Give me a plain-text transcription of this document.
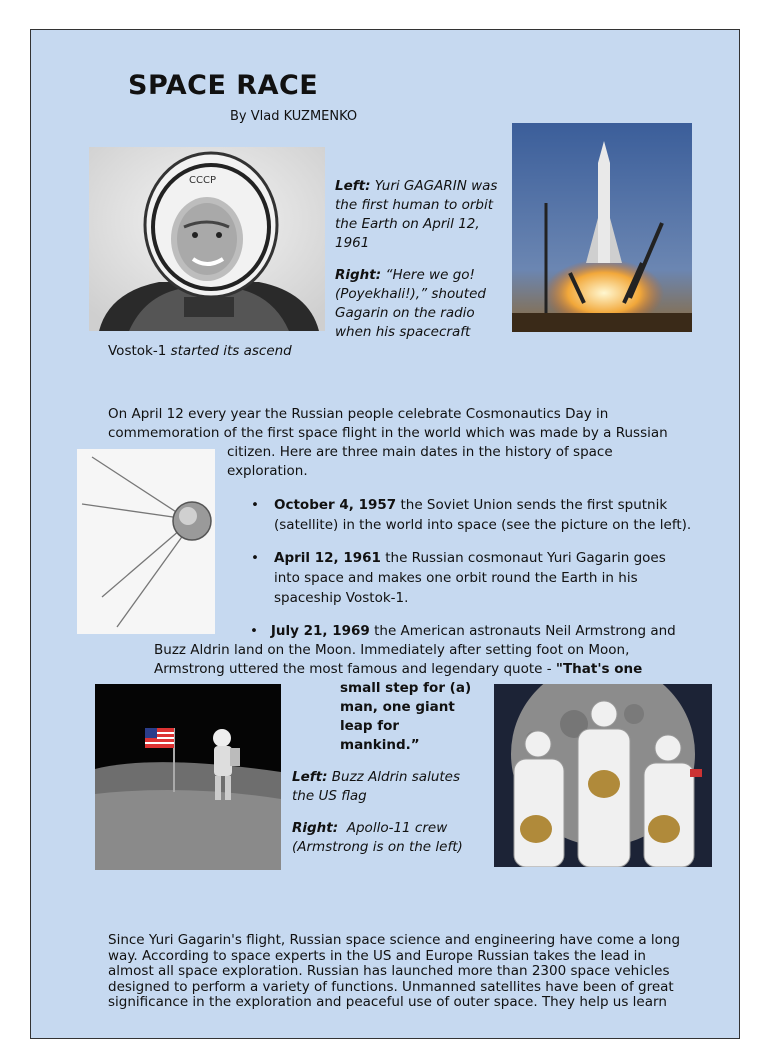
SPACE RACE
By Vlad KUZMENKO
СССР	Left: Yuri GAGARIN was the first human to orbit the Earth on April 12, 1961
Right: “Here we go! (Poyekhali!),” shouted Gagarin on the radio when his spacecraft
Vostok-1 started its ascend
On April 12 every year the Russian people celebrate Cosmonautics Day in
commemoration of the first space flight in the world which was made by a Russian
citizen. Here are three main dates in the history of space
exploration.
• October 4, 1957 the Soviet Union sends the first sputnik
(satellite) in the world into space (see the picture on the left).
• April 12, 1961 the Russian cosmonaut Yuri Gagarin goes
into space and makes one orbit round the Earth in his
spaceship Vostok-1.
• July 21, 1969 the American astronauts Neil Armstrong and
Buzz Aldrin land on the Moon. Immediately after setting foot on Moon,
Armstrong uttered the most famous and legendary quote - "That's one
small step for (a)
man, one giant
leap for
mankind.”
Left: Buzz Aldrin salutes the US flag
Right: Apollo-11 crew (Armstrong is on the left)
Since Yuri Gagarin's flight, Russian space science and engineering have come a long
way. According to space experts in the US and Europe Russian takes the lead in
almost all space exploration. Russian has launched more than 2300 space vehicles
designed to perform a variety of functions. Unmanned satellites have been of great
significance in the exploration and peaceful use of outer space. They help us learn
